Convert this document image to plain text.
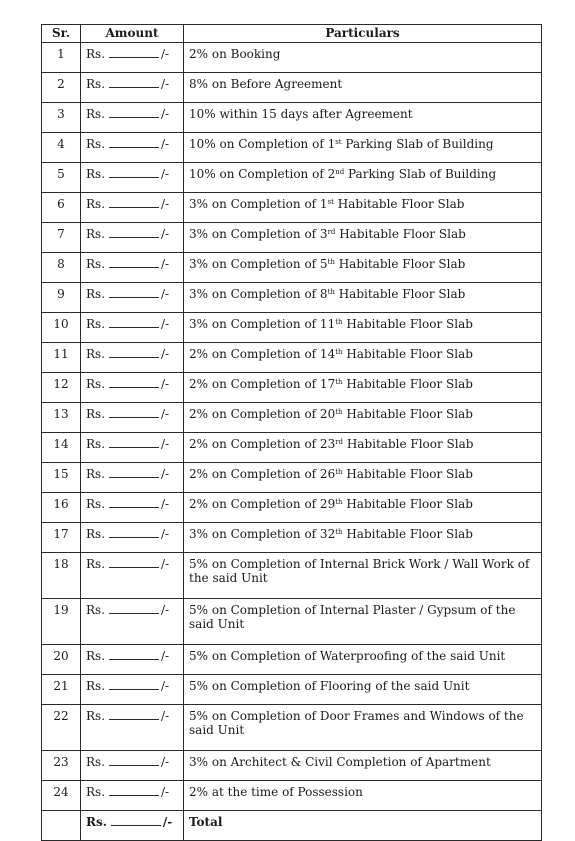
Sr.	Amount	Particulars
1	Rs. /-	2% on Booking
2	Rs. /-	8% on Before Agreement
3	Rs. /-	10% within 15 days after Agreement
4	Rs. /-	10% on Completion of 1st Parking Slab of Building
5	Rs. /-	10% on Completion of 2nd Parking Slab of Building
6	Rs. /-	3% on Completion of 1st Habitable Floor Slab
7	Rs. /-	3% on Completion of 3rd Habitable Floor Slab
8	Rs. /-	3% on Completion of 5th Habitable Floor Slab
9	Rs. /-	3% on Completion of 8th Habitable Floor Slab
10	Rs. /-	3% on Completion of 11th Habitable Floor Slab
11	Rs. /-	2% on Completion of 14th Habitable Floor Slab
12	Rs. /-	2% on Completion of 17th Habitable Floor Slab
13	Rs. /-	2% on Completion of 20th Habitable Floor Slab
14	Rs. /-	2% on Completion of 23rd Habitable Floor Slab
15	Rs. /-	2% on Completion of 26th Habitable Floor Slab
16	Rs. /-	2% on Completion of 29th Habitable Floor Slab
17	Rs. /-	3% on Completion of 32th Habitable Floor Slab
18	Rs. /-	5% on Completion of Internal Brick Work / Wall Work of the said Unit
19	Rs. /-	5% on Completion of Internal Plaster / Gypsum of the said Unit
20	Rs. /-	5% on Completion of Waterproofing of the said Unit
21	Rs. /-	5% on Completion of Flooring of the said Unit
22	Rs. /-	5% on Completion of Door Frames and Windows of the said Unit
23	Rs. /-	3% on Architect & Civil Completion of Apartment
24	Rs. /-	2% at the time of Possession
	Rs. /-	Total
